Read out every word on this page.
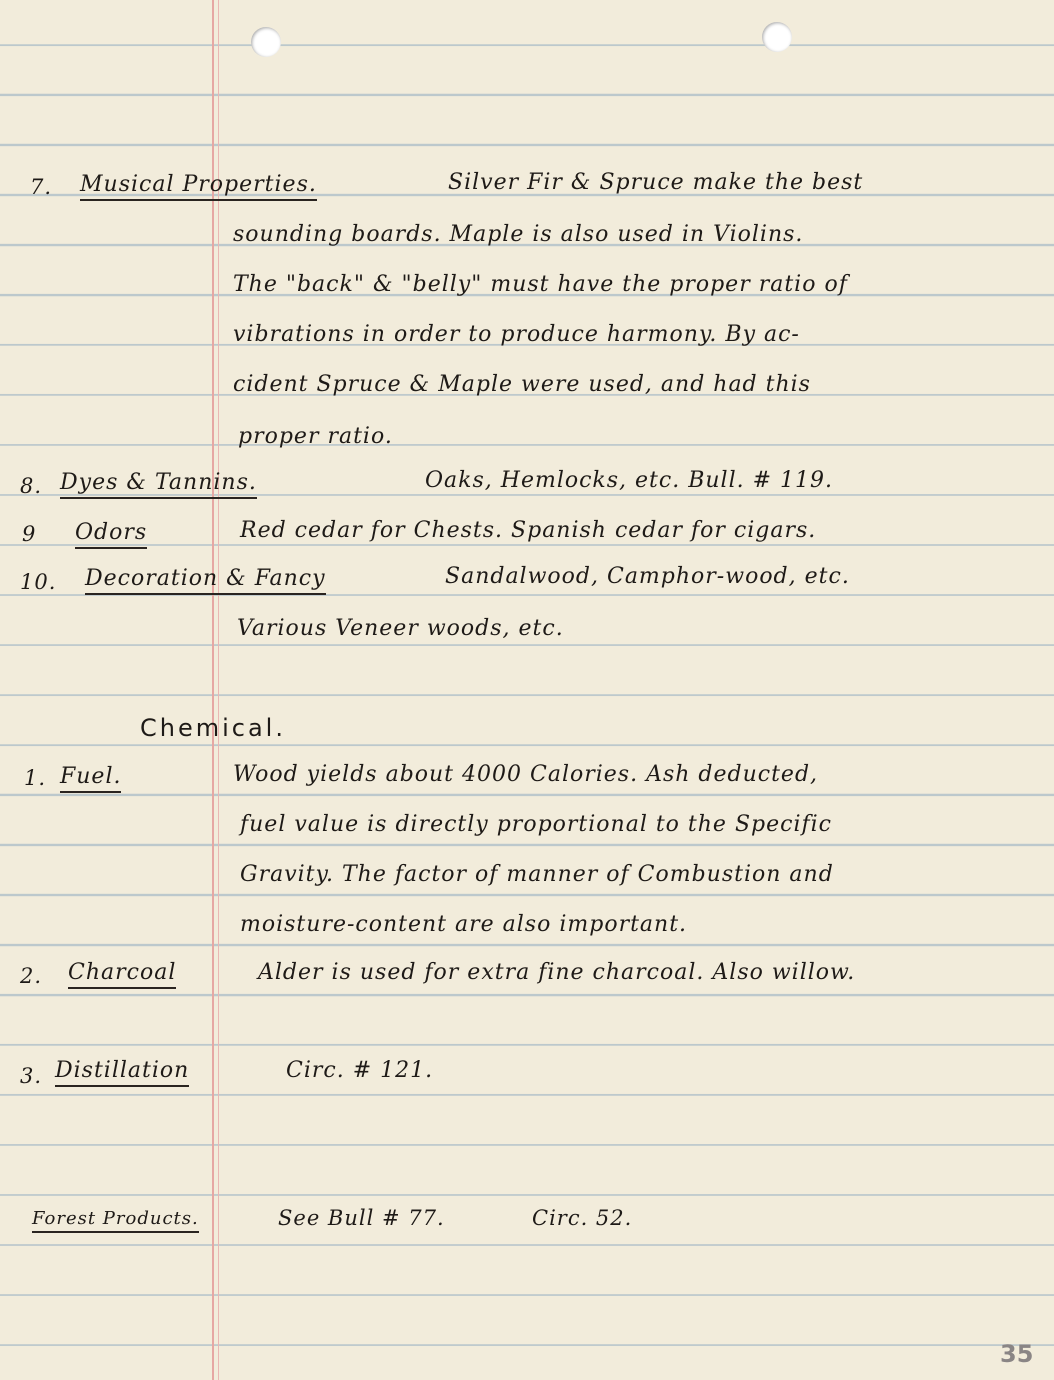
7. Musical Properties.	Silver Fir & Spruce make the best
sounding boards. Maple is also used in Violins.
The "back" & "belly" must have the proper ratio of
vibrations in order to produce harmony. By ac-
cident Spruce & Maple were used, and had this
proper ratio.
8. Dyes & Tannins.	Oaks, Hemlocks, etc. Bull. # 119.
9 Odors	Red cedar for Chests. Spanish cedar for cigars.
10. Decoration & Fancy	Sandalwood, Camphor-wood, etc.
Various Veneer woods, etc.
Chemical.
1. Fuel.	Wood yields about 4000 Calories. Ash deducted,
fuel value is directly proportional to the Specific
Gravity. The factor of manner of Combustion and
moisture-content are also important.
2. Charcoal	Alder is used for extra fine charcoal. Also willow.
3. Distillation	Circ. # 121.
Forest Products.	See Bull # 77.	Circ. 52.
35
